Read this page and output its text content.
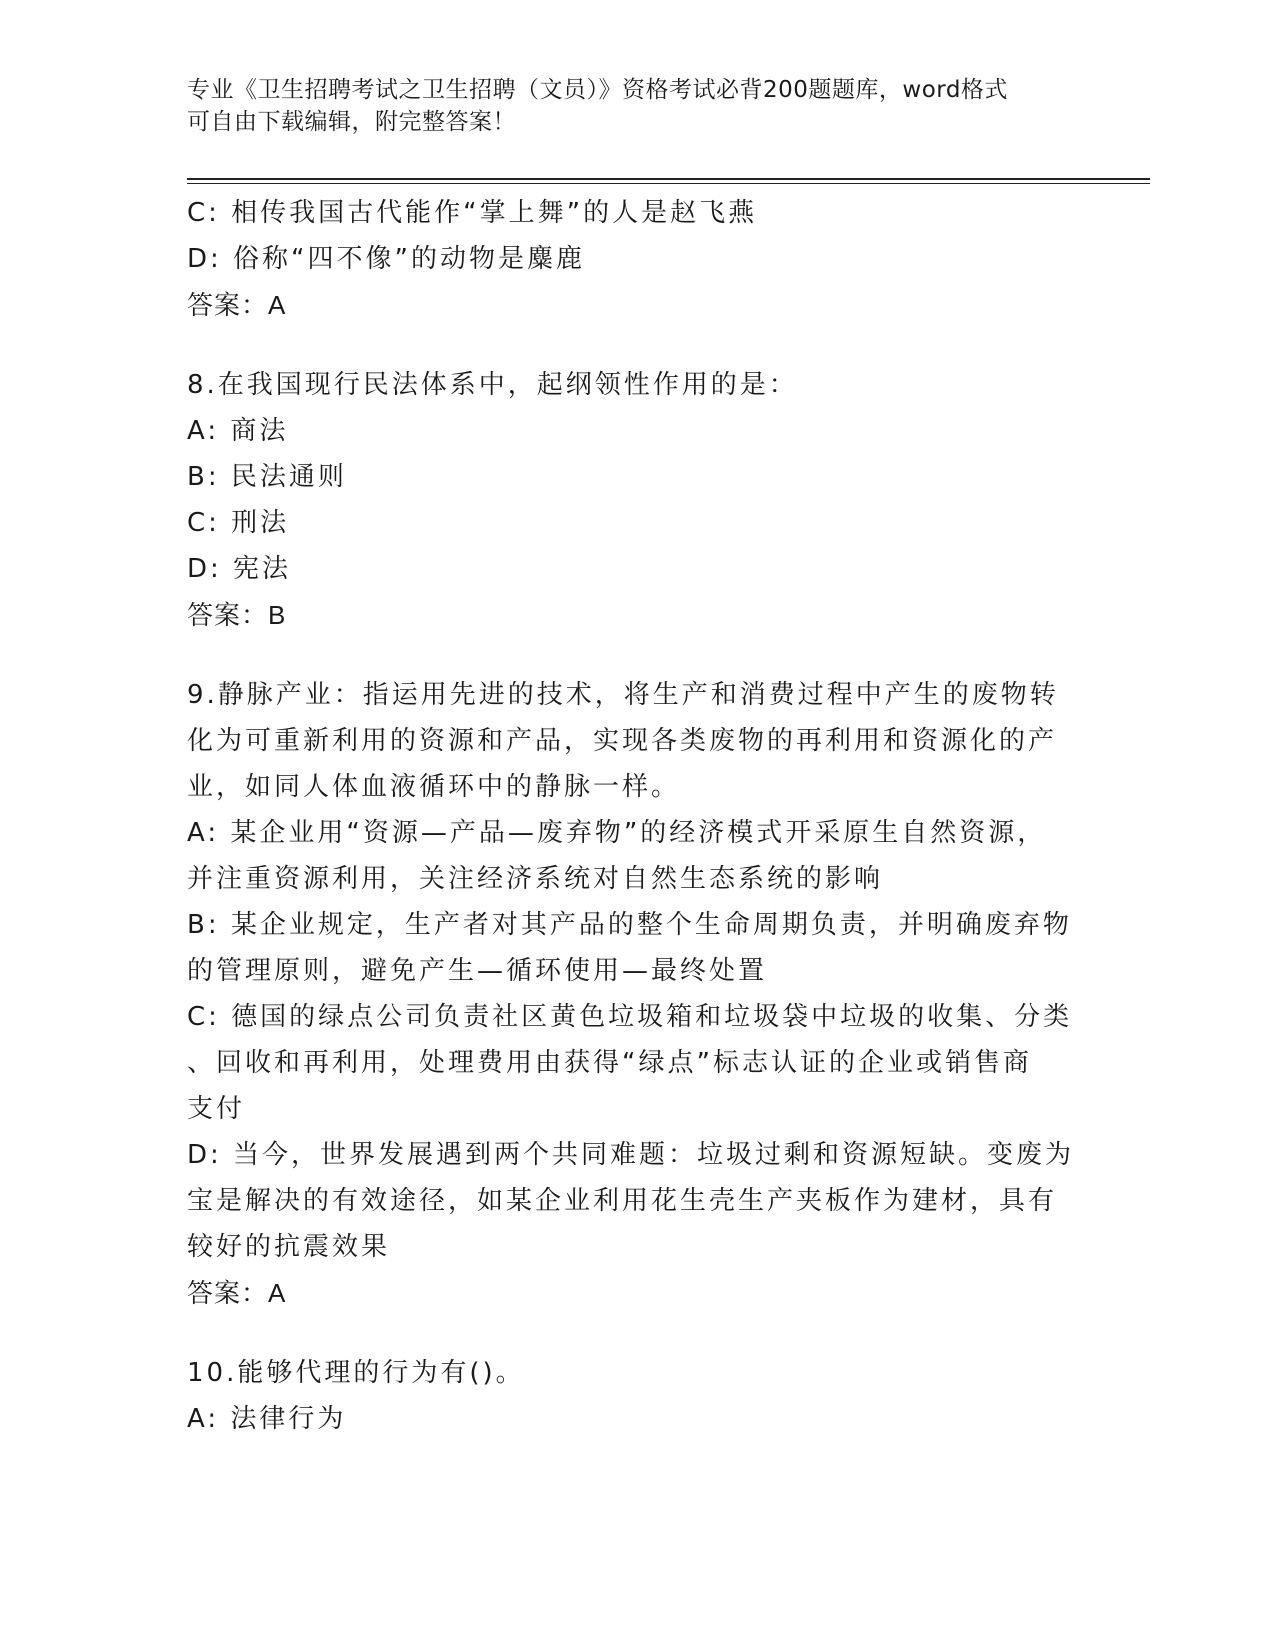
专业《卫生招聘考试之卫生招聘（文员）》资格考试必背200题题库，word格式
可自由下载编辑，附完整答案！
C: 相传我国古代能作“掌上舞”的人是赵飞燕
D: 俗称“四不像”的动物是麋鹿
答案：A
8.在我国现行民法体系中，起纲领性作用的是：
A: 商法
B: 民法通则
C: 刑法
D: 宪法
答案：B
9.静脉产业：指运用先进的技术，将生产和消费过程中产生的废物转
化为可重新利用的资源和产品，实现各类废物的再利用和资源化的产
业，如同人体血液循环中的静脉一样。
A: 某企业用“资源—产品—废弃物”的经济模式开采原生自然资源，
并注重资源利用，关注经济系统对自然生态系统的影响
B: 某企业规定，生产者对其产品的整个生命周期负责，并明确废弃物
的管理原则，避免产生—循环使用—最终处置
C: 德国的绿点公司负责社区黄色垃圾箱和垃圾袋中垃圾的收集、分类
、回收和再利用，处理费用由获得“绿点”标志认证的企业或销售商
支付
D: 当今，世界发展遇到两个共同难题：垃圾过剩和资源短缺。变废为
宝是解决的有效途径，如某企业利用花生壳生产夹板作为建材，具有
较好的抗震效果
答案：A
10.能够代理的行为有()。
A: 法律行为
